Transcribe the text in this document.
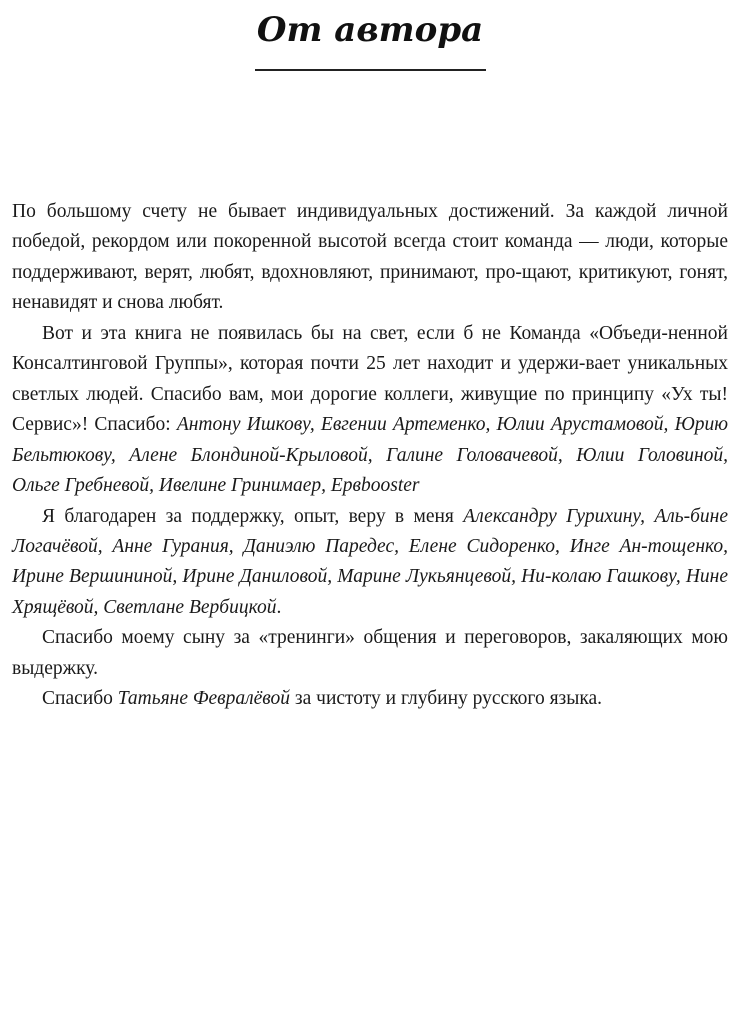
От автора

По большому счету не бывает индивидуальных достижений. За каждой личной победой, рекордом или покоренной высотой всегда стоит команда — люди, которые поддерживают, верят, любят, вдохновляют, принимают, про-щают, критикуют, гонят, ненавидят и снова любят.

Вот и эта книга не появилась бы на свет, если б не Команда «Объеди-ненной Консалтинговой Группы», которая почти 25 лет находит и удержи-вает уникальных светлых людей. Спасибо вам, мои дорогие коллеги, живущие по принципу «Ух ты! Сервис»! Спасибо: Антону Ишкову, Евгении Артеменко, Юлии Арустамовой, Юрию Бельтюкову, Алене Блондиной-Крыловой, Галине Головачевой, Юлии Головиной, Ольге Гребневой, Ивелине Гринимаер, Ервbooster

Я благодарен за поддержку, опыт, веру в меня Александру Гурихину, Аль-бине Логачёвой, Анне Гурания, Даниэлю Паредес, Елене Сидоренко, Инге Ан-тощенко, Ирине Вершининой, Ирине Даниловой, Марине Лукьянцевой, Ни-колаю Гашкову, Нине Хрящёвой, Светлане Вербицкой.

Спасибо моему сыну за «тренинги» общения и переговоров, закаляющих мою выдержку.

Спасибо Татьяне Февралёвой за чистоту и глубину русского языка.
